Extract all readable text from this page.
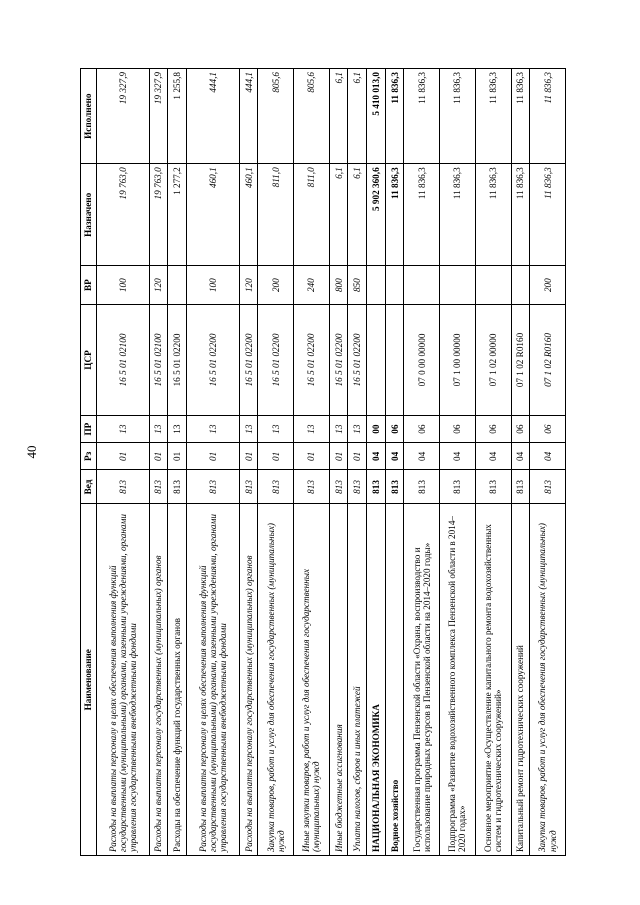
40
Наименование	Вед	Рз	ПР	ЦСР	ВР	Назначено	Исполнено
Расходы на выплаты персоналу в целях обеспечения выполнения функций государственными (муниципальными) органами, казенными учреждениями, органами управления государственными внебюджетными фондами	813	01	13	16 5 01 02100	100	19 763,0	19 327,9
Расходы на выплаты персоналу государственных (муниципальных) органов	813	01	13	16 5 01 02100	120	19 763,0	19 327,9
Расходы на обеспечение функций государственных органов	813	01	13	16 5 01 02200		1 277,2	1 255,8
Расходы на выплаты персоналу в целях обеспечения выполнения функций государственными (муниципальными) органами, казенными учреждениями, органами управления государственными внебюджетными фондами	813	01	13	16 5 01 02200	100	460,1	444,1
Расходы на выплаты персоналу государственных (муниципальных) органов	813	01	13	16 5 01 02200	120	460,1	444,1
Закупка товаров, работ и услуг для обеспечения государственных (муниципальных) нужд	813	01	13	16 5 01 02200	200	811,0	805,6
Иные закупки товаров, работ и услуг для обеспечения государственных (муниципальных) нужд	813	01	13	16 5 01 02200	240	811,0	805,6
Иные бюджетные ассигнования	813	01	13	16 5 01 02200	800	6,1	6,1
Уплата налогов, сборов и иных платежей	813	01	13	16 5 01 02200	850	6,1	6,1
НАЦИОНАЛЬНАЯ ЭКОНОМИКА	813	04	00			5 902 360,6	5 410 013,0
Водное хозяйство	813	04	06			11 836,3	11 836,3
Государственная программа Пензенской области «Охрана, воспроизводство и использование природных ресурсов в Пензенской области на 2014–2020 годы»	813	04	06	07 0 00 00000		11 836,3	11 836,3
Подпрограмма «Развитие водохозяйственного комплекса Пензенской области в 2014–2020 годах»	813	04	06	07 1 00 00000		11 836,3	11 836,3
Основное мероприятие «Осуществление капитального ремонта водохозяйственных систем и гидротехнических сооружений»	813	04	06	07 1 02 00000		11 836,3	11 836,3
Капитальный ремонт гидротехнических сооружений	813	04	06	07 1 02 R0160		11 836,3	11 836,3
Закупка товаров, работ и услуг для обеспечения государственных (муниципальных) нужд	813	04	06	07 1 02 R0160	200	11 836,3	11 836,3
